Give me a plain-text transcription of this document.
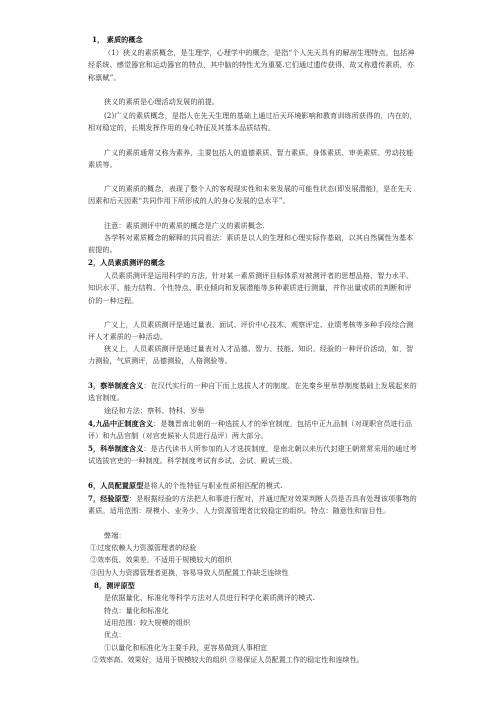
1， 素质的概念
（1）狭义的素质概念，是生理学，心理学中的概念，是指“个人先天具有的解剖生理特点，包括神经系统、感觉器官和运动器官的特点，其中脑的特性尤为重要.它们通过遗传获得，故又称遗传素质，亦称禀赋”。
狭义的素质是心理活动发展的前提。
(2)广义的素质概念，是指人在先天生理的基础上通过后天环境影响和教育训练所获得的，内在的，相对稳定的，长期发挥作用的身心特征及其基本品质结构。
广义的素质通常又称为素养，主要包括人的道德素质、智力素质、身体素质、审美素质、劳动技能素质等。
广义的素质的概念，表现了整个人的客观现实性和未来发展的可能性状态(即发展潜能)，是在先天因素和后天因素“共同作用下所形成的人的身心发展的总水平”。
注意：素质测评中的素质的概念是广义的素质概念.
各学科对素质概念的解释的共同看法：素质是以人的生理和心理实际作基础，以其自然属性为基本前提的。
2，人员素质测评的概念
人员素质测评是运用科学的方法，针对某一素质测评目标体系对被测评者的思想品格、智力水平、知识水平、能力结构、个性特点、职业倾向和发展潜能等多种素质进行测量，并作出量或质的判断和评价的一种过程。
广义上，人员素质测评是通过量表、面试、评价中心技术、观察评定、业绩考核等多种手段综合测评人才素质的一种活动。
狭义上，人员素质测评是通过量表对人才品德、智力、技能、知识、经验的一种评价活动，如，智力测验，气质测评，品德测验，人格测验等。
3，察举制度含义：在汉代实行的一种自下而上选拔人才的制度。在先秦乡里举荐制度基础上发展起来的选官制度。
途径和方法：察科、特科、岁举
4,九品中正制度含义：是魏晋南北朝的一种选拔人才的举官制度，包括中正九品制（对现职官员进行品评）和九品官制（对官吏候补人员进行品评）两大部分。
5，科举制度含义：是古代读书人所参加的人才选拔制度，是南北朝以来历代封建王朝常常采用的通过考试选拔官吏的一种制度。科学制度考试有乡试、会试、殿试三级。
6，人员配置原型是将人的个性特征与职业性质相匹配的模式.
7，经验原型：是根据经验的方法把人和事进行配对，并通过配对效果判断人员是否具有处理该项事物的素质。适用范围：规模小、业务少、人力资源管理者比较稳定的组织。特点：随意性和盲目性。
弊端：
①过度依赖人力资源管理者的经验
②效率低、效果差，不适用于规模较大的组织
③因为人力资源管理者更换，容易导致人员配置工作缺乏连续性
8，测评原型
是依据量化、标准化等科学方法对人员进行科学化素质测评的模式.
特点：量化和标准化
适用范围：较大规模的组织
优点：
①以量化和标准化为主要手段，更容易做到人事相宜
②效率高、效果好，适用于规模较大的组织 ③易保证人员配置工作的稳定性和连续性。
